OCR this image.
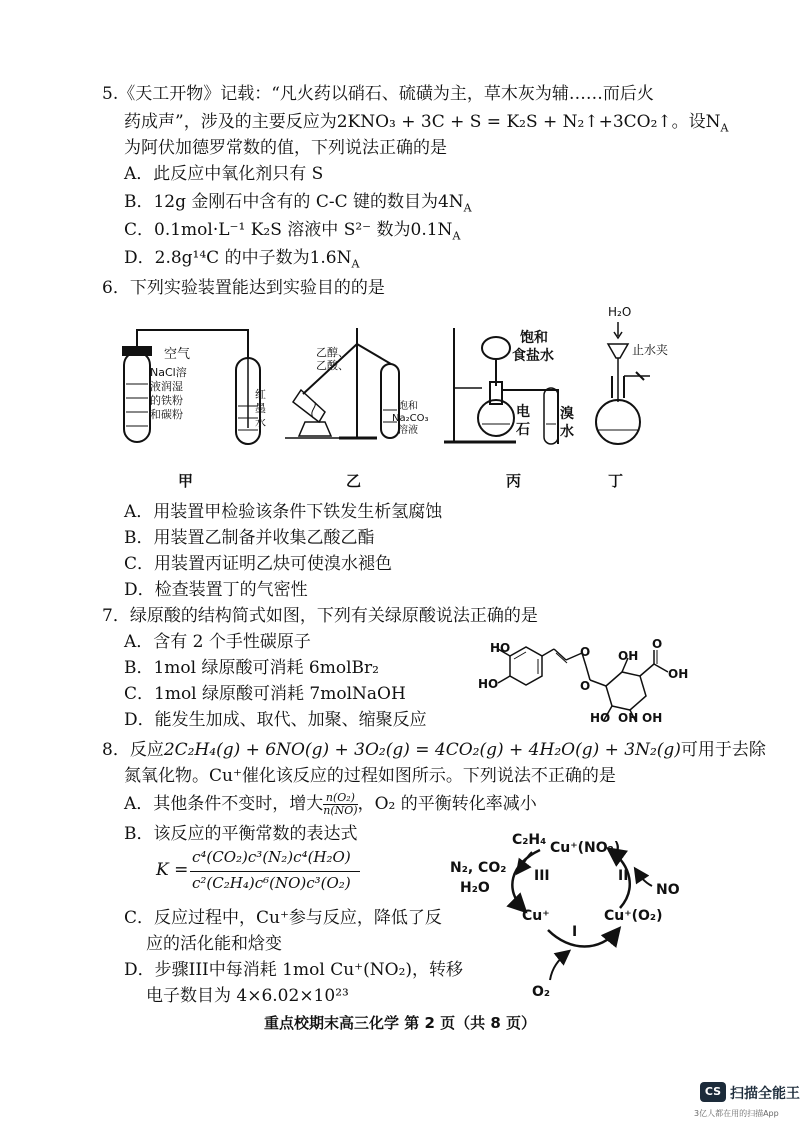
5.《天工开物》记载：“凡火药以硝石、硫磺为主，草木灰为辅……而后火
药成声”，涉及的主要反应为2KNO₃ + 3C + S = K₂S + N₂↑+3CO₂↑。设$N_A$
为阿伏加德罗常数的值，下列说法正确的是
A．此反应中氧化剂只有 S
B．12g 金刚石中含有的 C-C 键的数目为$4N_A$
C．0.1mol·L⁻¹ K₂S 溶液中 S²⁻ 数为$0.1N_A$
D．2.8g¹⁴C 的中子数为$1.6N_A$
6．下列实验装置能达到实验目的的是
空气
NaCl溶
液润湿
的铁粉
和碳粉
红
墨
水
甲
乙醇、
乙酸、
饱和
Na₂CO₃
溶液
乙
饱和
食盐水
电
石
溴
水
丙
H₂O
止水夹
丁
A．用装置甲检验该条件下铁发生析氢腐蚀
B．用装置乙制备并收集乙酸乙酯
C．用装置丙证明乙炔可使溴水褪色
D．检查装置丁的气密性
7．绿原酸的结构简式如图，下列有关绿原酸说法正确的是
A．含有 2 个手性碳原子
B．1mol 绿原酸可消耗 6molBr₂
C．1mol 绿原酸可消耗 7molNaOH
D．能发生加成、取代、加聚、缩聚反应
HO
HO
O
O
OH
O
OH
HO OH OH
8．反应2C₂H₄(g) + 6NO(g) + 3O₂(g) = 4CO₂(g) + 4H₂O(g) + 3N₂(g)可用于去除
氮氧化物。Cu⁺催化该反应的过程如图所示。下列说法不正确的是
A．其他条件不变时，增大 $\frac{\text{n(O₂)}}{n(NO)}$ ，O₂ 的平衡转化率减小
B．该反应的平衡常数的表达式
K =
c⁴(CO₂)c³(N₂)c⁴(H₂O)
c²(C₂H₄)c⁶(NO)c³(O₂)
C．反应过程中，Cu⁺参与反应，降低了反
应的活化能和焓变
D．步骤III中每消耗 1mol Cu⁺(NO₂)，转移
电子数目为 4×6.02×10²³
C₂H₄ Cu⁺(NO₂)
N₂, CO₂
H₂O
III	II
NO
Cu⁺	Cu⁺(O₂)
I
O₂
重点校期末高三化学 第 2 页（共 8 页）
CS 扫描全能王
3亿人都在用的扫描App
